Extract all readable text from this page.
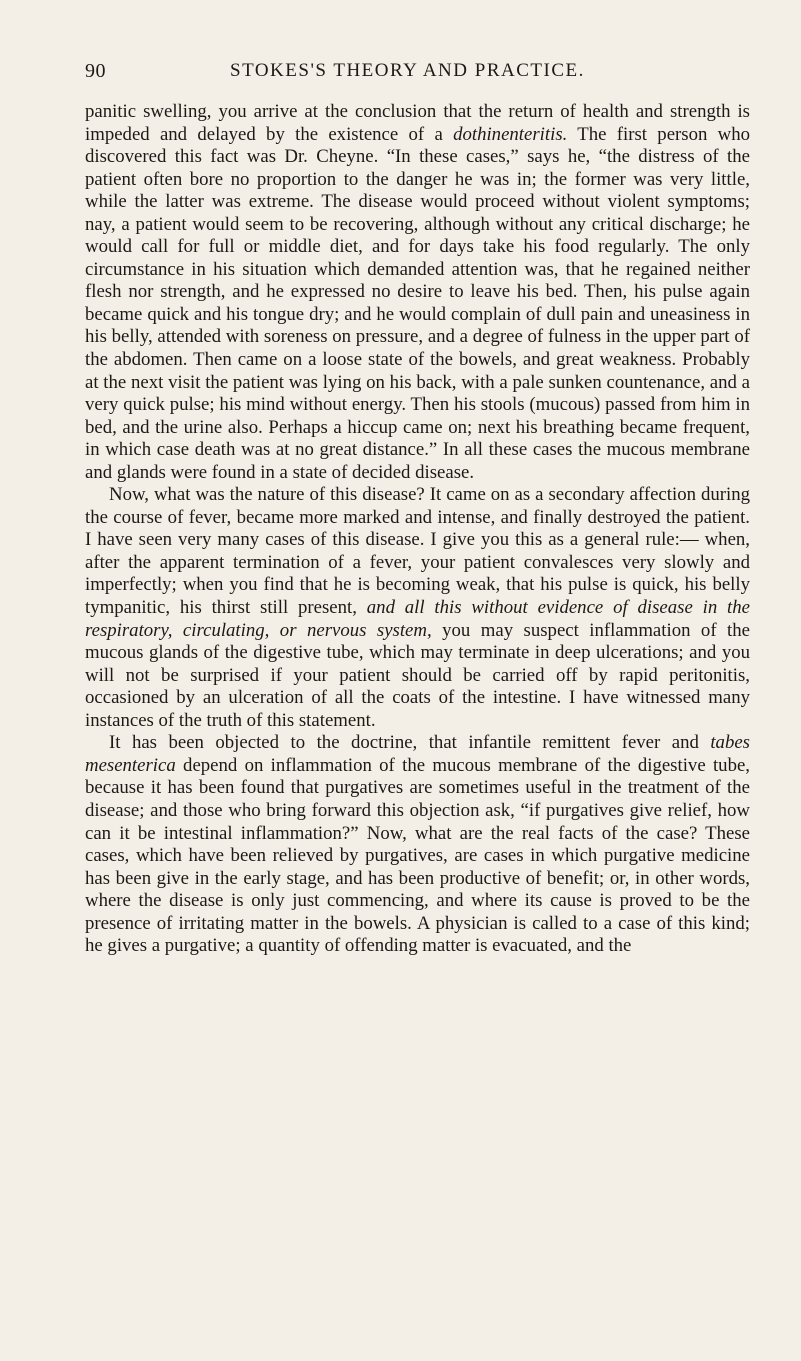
90	STOKES'S THEORY AND PRACTICE.

panitic swelling, you arrive at the conclusion that the return of health and strength is impeded and delayed by the existence of a dothinenteritis. The first person who discovered this fact was Dr. Cheyne. “In these cases,” says he, “the distress of the patient often bore no proportion to the danger he was in; the former was very little, while the latter was extreme. The disease would proceed without violent symptoms; nay, a patient would seem to be recovering, although without any critical discharge; he would call for full or middle diet, and for days take his food regularly. The only circumstance in his situation which demanded attention was, that he regained neither flesh nor strength, and he expressed no desire to leave his bed. Then, his pulse again became quick and his tongue dry; and he would complain of dull pain and uneasiness in his belly, attended with soreness on pressure, and a degree of fulness in the upper part of the abdomen. Then came on a loose state of the bowels, and great weakness. Probably at the next visit the patient was lying on his back, with a pale sunken countenance, and a very quick pulse; his mind without energy. Then his stools (mucous) passed from him in bed, and the urine also. Perhaps a hiccup came on; next his breathing became frequent, in which case death was at no great distance.” In all these cases the mucous membrane and glands were found in a state of decided disease.

Now, what was the nature of this disease? It came on as a secondary affection during the course of fever, became more marked and intense, and finally destroyed the patient. I have seen very many cases of this disease. I give you this as a general rule:— when, after the apparent termination of a fever, your patient convalesces very slowly and imperfectly; when you find that he is becoming weak, that his pulse is quick, his belly tympanitic, his thirst still present, and all this without evidence of disease in the respiratory, circulating, or nervous system, you may suspect inflammation of the mucous glands of the digestive tube, which may terminate in deep ulcerations; and you will not be surprised if your patient should be carried off by rapid peritonitis, occasioned by an ulceration of all the coats of the intestine. I have witnessed many instances of the truth of this statement.

It has been objected to the doctrine, that infantile remittent fever and tabes mesenterica depend on inflammation of the mucous membrane of the digestive tube, because it has been found that purgatives are sometimes useful in the treatment of the disease; and those who bring forward this objection ask, “if purgatives give relief, how can it be intestinal inflammation?” Now, what are the real facts of the case? These cases, which have been relieved by purgatives, are cases in which purgative medicine has been give in the early stage, and has been productive of benefit; or, in other words, where the disease is only just commencing, and where its cause is proved to be the presence of irritating matter in the bowels. A physician is called to a case of this kind; he gives a purgative; a quantity of offending matter is evacuated, and the
